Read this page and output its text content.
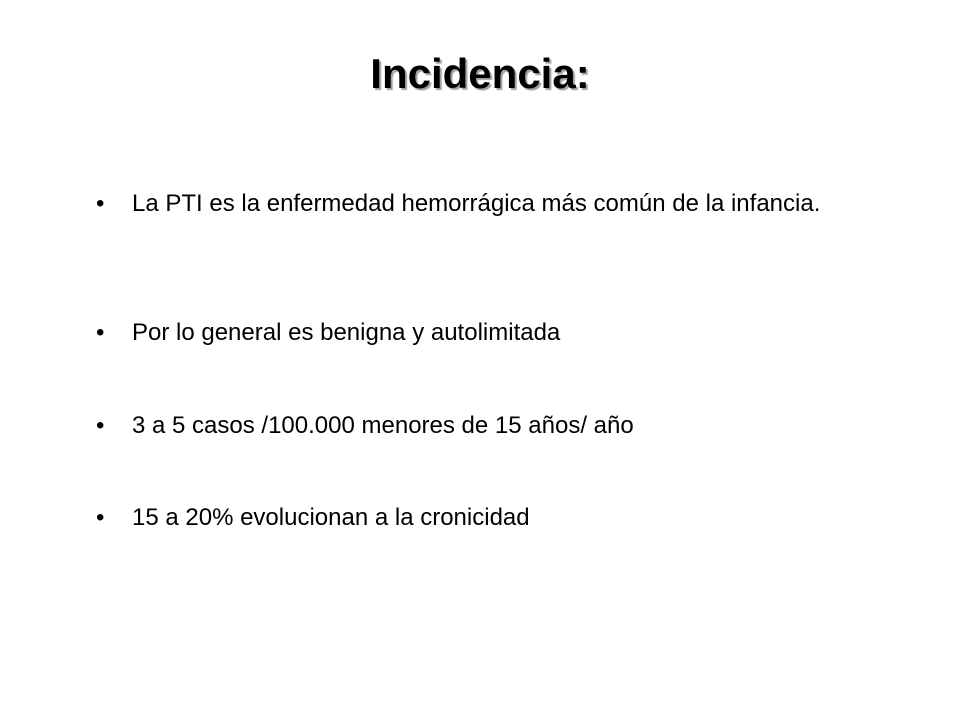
Incidencia:
•	La PTI es la enfermedad hemorrágica más común de la infancia.
•	Por lo general es benigna y autolimitada
•	3 a 5 casos /100.000 menores de 15 años/ año
•	15 a 20% evolucionan a la cronicidad
